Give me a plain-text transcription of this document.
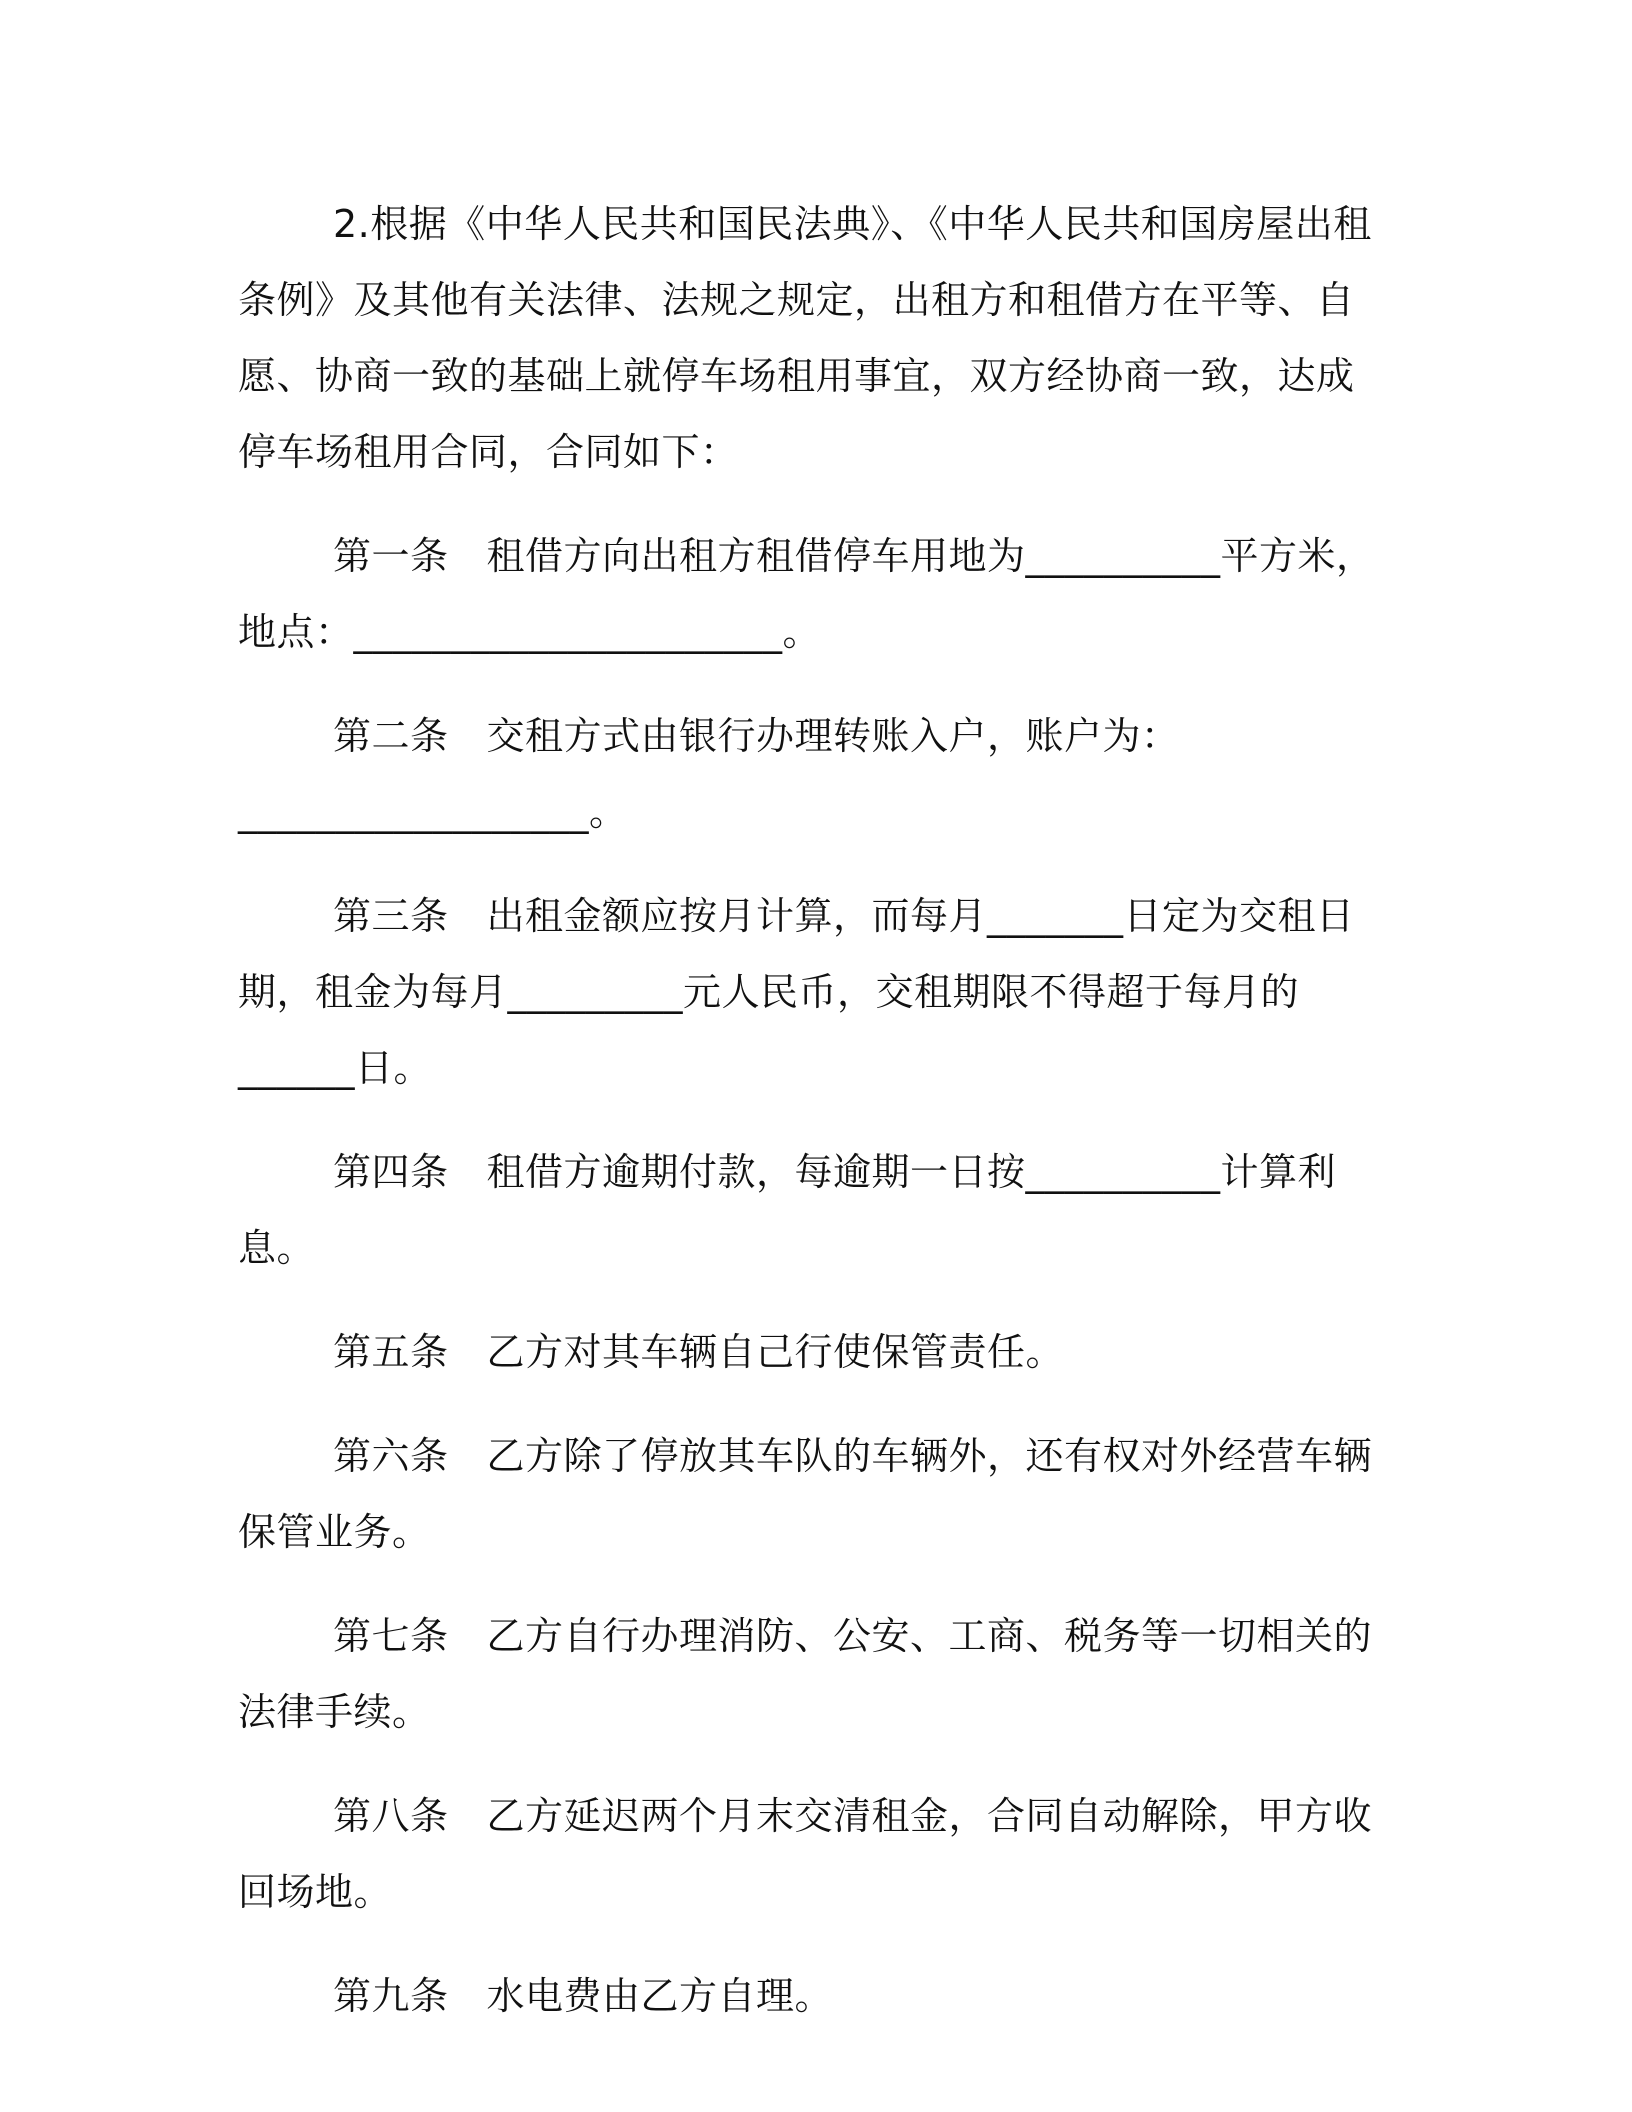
2.根据《中华人民共和国民法典》、《中华人民共和国房屋出租条例》及其他有关法律、法规之规定，出租方和租借方在平等、自愿、协商一致的基础上就停车场租用事宜，双方经协商一致，达成停车场租用合同，合同如下：

第一条 租借方向出租方租借停车用地为__________平方米，地点：______________________。

第二条 交租方式由银行办理转账入户，账户为：__________________。

第三条 出租金额应按月计算，而每月_______日定为交租日期，租金为每月_________元人民币，交租期限不得超于每月的______日。

第四条 租借方逾期付款，每逾期一日按__________计算利息。

第五条 乙方对其车辆自己行使保管责任。

第六条 乙方除了停放其车队的车辆外，还有权对外经营车辆保管业务。

第七条 乙方自行办理消防、公安、工商、税务等一切相关的法律手续。

第八条 乙方延迟两个月末交清租金，合同自动解除，甲方收回场地。

第九条 水电费由乙方自理。
